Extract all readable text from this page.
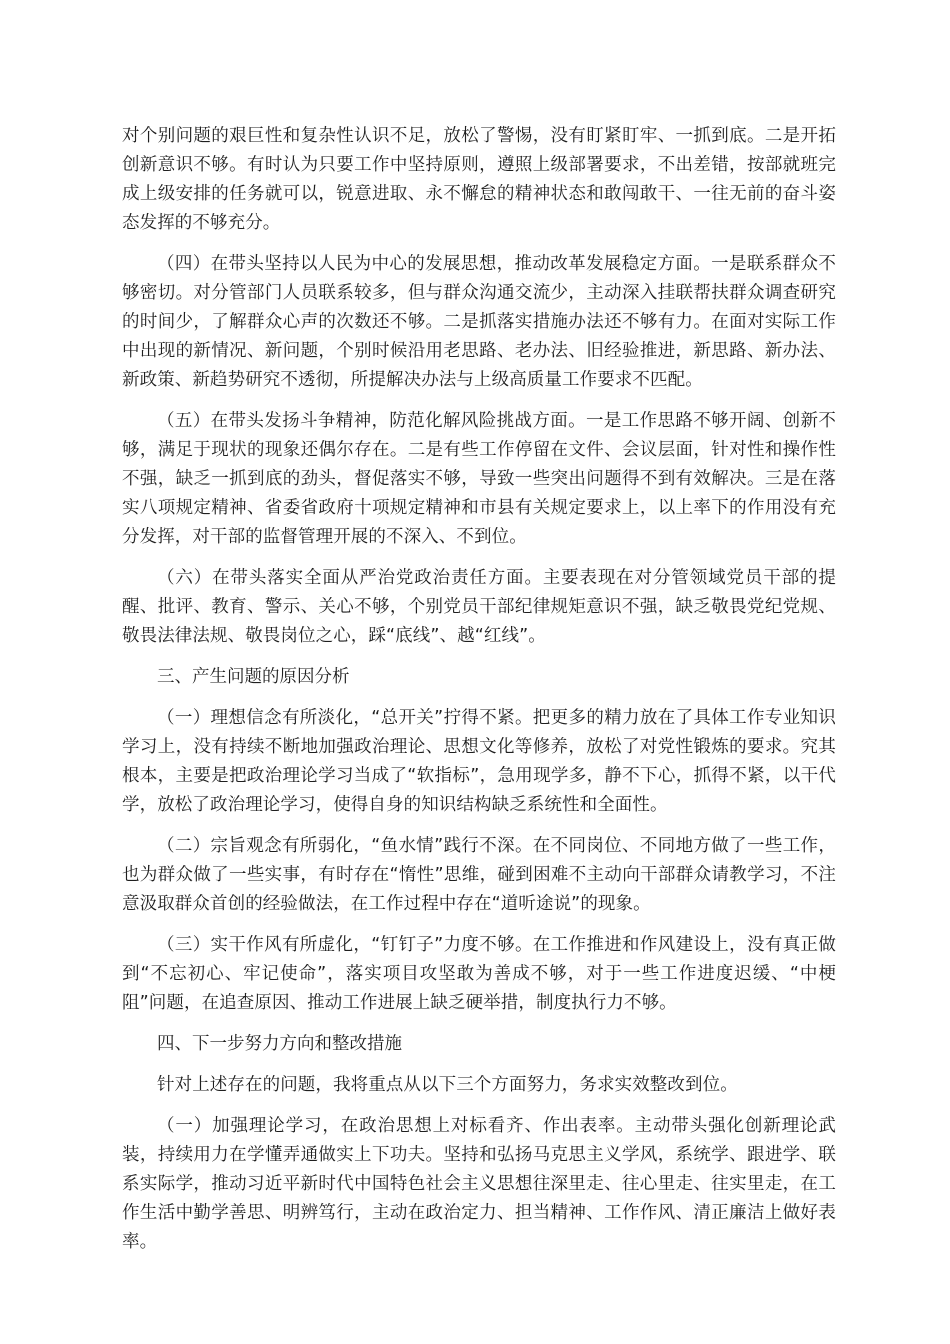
对个别问题的艰巨性和复杂性认识不足，放松了警惕，没有盯紧盯牢、一抓到底。二是开拓创新意识不够。有时认为只要工作中坚持原则，遵照上级部署要求，不出差错，按部就班完成上级安排的任务就可以，锐意进取、永不懈怠的精神状态和敢闯敢干、一往无前的奋斗姿态发挥的不够充分。

（四）在带头坚持以人民为中心的发展思想，推动改革发展稳定方面。一是联系群众不够密切。对分管部门人员联系较多，但与群众沟通交流少，主动深入挂联帮扶群众调查研究的时间少，了解群众心声的次数还不够。二是抓落实措施办法还不够有力。在面对实际工作中出现的新情况、新问题，个别时候沿用老思路、老办法、旧经验推进，新思路、新办法、新政策、新趋势研究不透彻，所提解决办法与上级高质量工作要求不匹配。

（五）在带头发扬斗争精神，防范化解风险挑战方面。一是工作思路不够开阔、创新不够，满足于现状的现象还偶尔存在。二是有些工作停留在文件、会议层面，针对性和操作性不强，缺乏一抓到底的劲头，督促落实不够，导致一些突出问题得不到有效解决。三是在落实八项规定精神、省委省政府十项规定精神和市县有关规定要求上，以上率下的作用没有充分发挥，对干部的监督管理开展的不深入、不到位。

（六）在带头落实全面从严治党政治责任方面。主要表现在对分管领域党员干部的提醒、批评、教育、警示、关心不够，个别党员干部纪律规矩意识不强，缺乏敬畏党纪党规、敬畏法律法规、敬畏岗位之心，踩“底线”、越“红线”。

三、产生问题的原因分析

（一）理想信念有所淡化，“总开关”拧得不紧。把更多的精力放在了具体工作专业知识学习上，没有持续不断地加强政治理论、思想文化等修养，放松了对党性锻炼的要求。究其根本，主要是把政治理论学习当成了“软指标”，急用现学多，静不下心，抓得不紧，以干代学，放松了政治理论学习，使得自身的知识结构缺乏系统性和全面性。

（二）宗旨观念有所弱化，“鱼水情”践行不深。在不同岗位、不同地方做了一些工作，也为群众做了一些实事，有时存在“惰性”思维，碰到困难不主动向干部群众请教学习，不注意汲取群众首创的经验做法，在工作过程中存在“道听途说”的现象。

（三）实干作风有所虚化，“钉钉子”力度不够。在工作推进和作风建设上，没有真正做到“不忘初心、牢记使命”，落实项目攻坚敢为善成不够，对于一些工作进度迟缓、“中梗阻”问题，在追查原因、推动工作进展上缺乏硬举措，制度执行力不够。

四、下一步努力方向和整改措施

针对上述存在的问题，我将重点从以下三个方面努力，务求实效整改到位。

（一）加强理论学习，在政治思想上对标看齐、作出表率。主动带头强化创新理论武装，持续用力在学懂弄通做实上下功夫。坚持和弘扬马克思主义学风，系统学、跟进学、联系实际学，推动习近平新时代中国特色社会主义思想往深里走、往心里走、往实里走，在工作生活中勤学善思、明辨笃行，主动在政治定力、担当精神、工作作风、清正廉洁上做好表率。
